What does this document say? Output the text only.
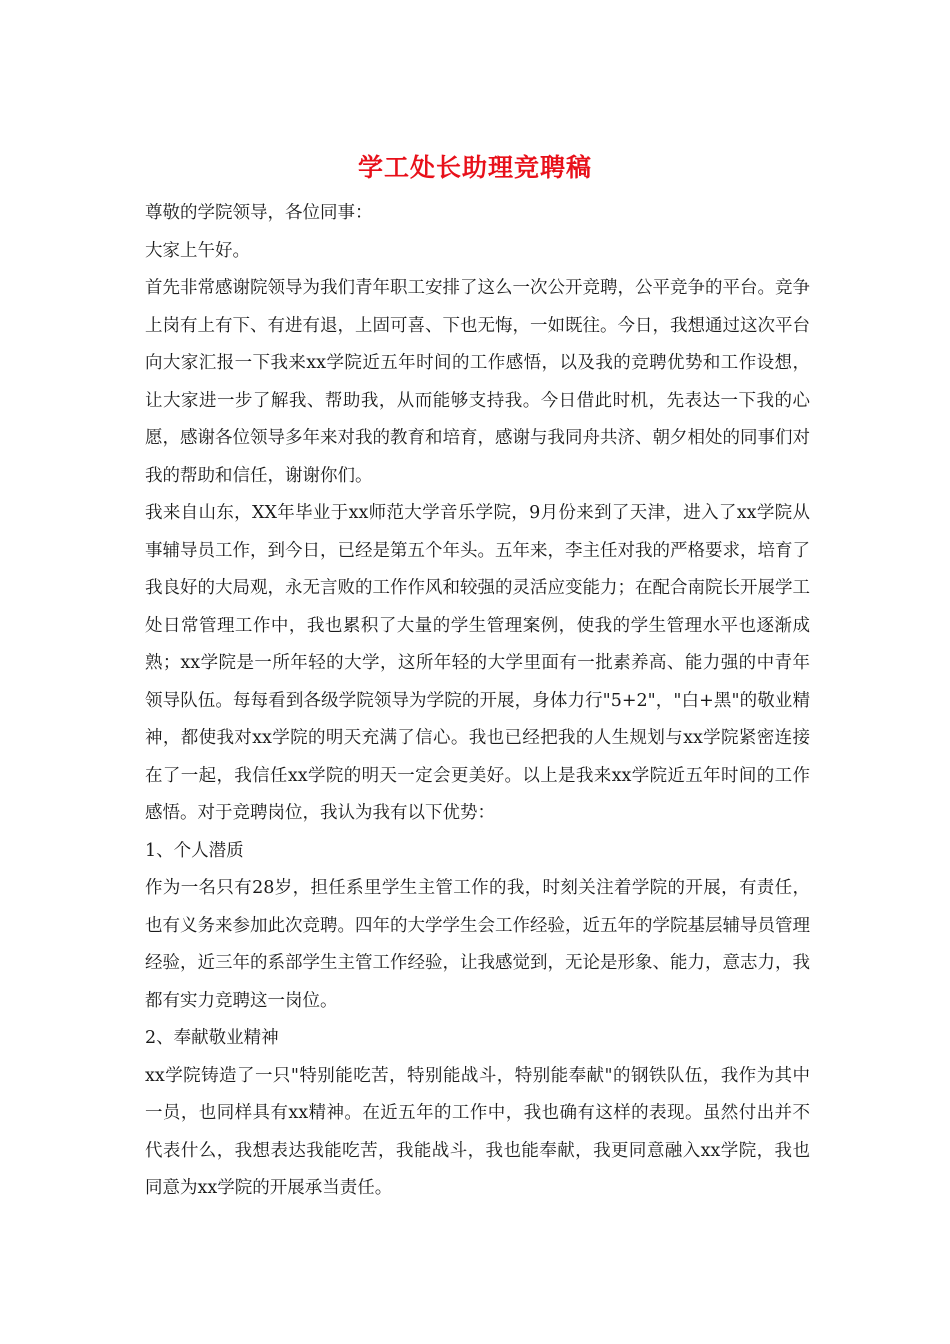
学工处长助理竞聘稿

尊敬的学院领导，各位同事：

大家上午好。

首先非常感谢院领导为我们青年职工安排了这么一次公开竞聘，公平竞争的平台。竞争上岗有上有下、有进有退，上固可喜、下也无悔，一如既往。今日，我想通过这次平台向大家汇报一下我来xx学院近五年时间的工作感悟，以及我的竞聘优势和工作设想，让大家进一步了解我、帮助我，从而能够支持我。今日借此时机，先表达一下我的心愿，感谢各位领导多年来对我的教育和培育，感谢与我同舟共济、朝夕相处的同事们对我的帮助和信任，谢谢你们。

我来自山东，XX年毕业于xx师范大学音乐学院，9月份来到了天津，进入了xx学院从事辅导员工作，到今日，已经是第五个年头。五年来，李主任对我的严格要求，培育了我良好的大局观，永无言败的工作作风和较强的灵活应变能力；在配合南院长开展学工处日常管理工作中，我也累积了大量的学生管理案例，使我的学生管理水平也逐渐成熟；xx学院是一所年轻的大学，这所年轻的大学里面有一批素养高、能力强的中青年领导队伍。每每看到各级学院领导为学院的开展，身体力行"5+2"，"白+黑"的敬业精神，都使我对xx学院的明天充满了信心。我也已经把我的人生规划与xx学院紧密连接在了一起，我信任xx学院的明天一定会更美好。以上是我来xx学院近五年时间的工作感悟。对于竞聘岗位，我认为我有以下优势：

1、个人潜质

作为一名只有28岁，担任系里学生主管工作的我，时刻关注着学院的开展，有责任，也有义务来参加此次竞聘。四年的大学学生会工作经验，近五年的学院基层辅导员管理经验，近三年的系部学生主管工作经验，让我感觉到，无论是形象、能力，意志力，我都有实力竞聘这一岗位。

2、奉献敬业精神

xx学院铸造了一只"特别能吃苦，特别能战斗，特别能奉献"的钢铁队伍，我作为其中一员，也同样具有xx精神。在近五年的工作中，我也确有这样的表现。虽然付出并不代表什么，我想表达我能吃苦，我能战斗，我也能奉献，我更同意融入xx学院，我也同意为xx学院的开展承当责任。
